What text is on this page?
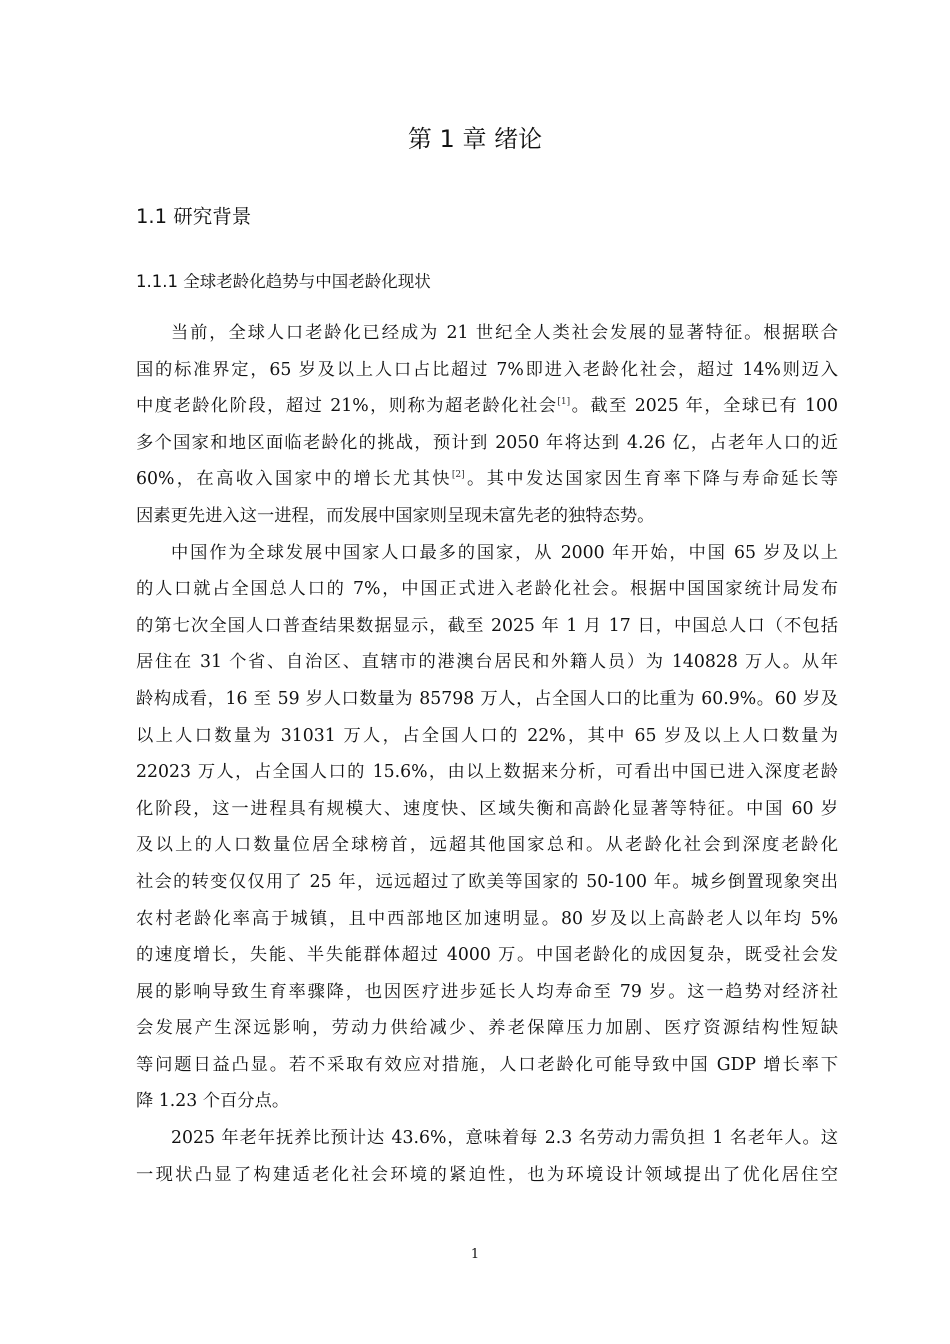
第 1 章 绪论
1.1 研究背景
1.1.1 全球老龄化趋势与中国老龄化现状
当前，全球人口老龄化已经成为 21 世纪全人类社会发展的显著特征。根据联合
国的标准界定，65 岁及以上人口占比超过 7%即进入老龄化社会，超过 14%则迈入
中度老龄化阶段，超过 21%，则称为超老龄化社会[1]。截至 2025 年，全球已有 100
多个国家和地区面临老龄化的挑战，预计到 2050 年将达到 4.26 亿，占老年人口的近
60%，在高收入国家中的增长尤其快[2]。其中发达国家因生育率下降与寿命延长等
因素更先进入这一进程，而发展中国家则呈现未富先老的独特态势。
中国作为全球发展中国家人口最多的国家，从 2000 年开始，中国 65 岁及以上
的人口就占全国总人口的 7%，中国正式进入老龄化社会。根据中国国家统计局发布
的第七次全国人口普查结果数据显示，截至 2025 年 1 月 17 日，中国总人口（不包括
居住在 31 个省、自治区、直辖市的港澳台居民和外籍人员）为 140828 万人。从年
龄构成看，16 至 59 岁人口数量为 85798 万人，占全国人口的比重为 60.9%。60 岁及
以上人口数量为 31031 万人，占全国人口的 22%，其中 65 岁及以上人口数量为
22023 万人，占全国人口的 15.6%，由以上数据来分析，可看出中国已进入深度老龄
化阶段，这一进程具有规模大、速度快、区域失衡和高龄化显著等特征。中国 60 岁
及以上的人口数量位居全球榜首，远超其他国家总和。从老龄化社会到深度老龄化
社会的转变仅仅用了 25 年，远远超过了欧美等国家的 50-100 年。城乡倒置现象突出
农村老龄化率高于城镇，且中西部地区加速明显。80 岁及以上高龄老人以年均 5%
的速度增长，失能、半失能群体超过 4000 万。中国老龄化的成因复杂，既受社会发
展的影响导致生育率骤降，也因医疗进步延长人均寿命至 79 岁。这一趋势对经济社
会发展产生深远影响，劳动力供给减少、养老保障压力加剧、医疗资源结构性短缺
等问题日益凸显。若不采取有效应对措施，人口老龄化可能导致中国 GDP 增长率下
降 1.23 个百分点。
2025 年老年抚养比预计达 43.6%，意味着每 2.3 名劳动力需负担 1 名老年人。这
一现状凸显了构建适老化社会环境的紧迫性，也为环境设计领域提出了优化居住空
1
